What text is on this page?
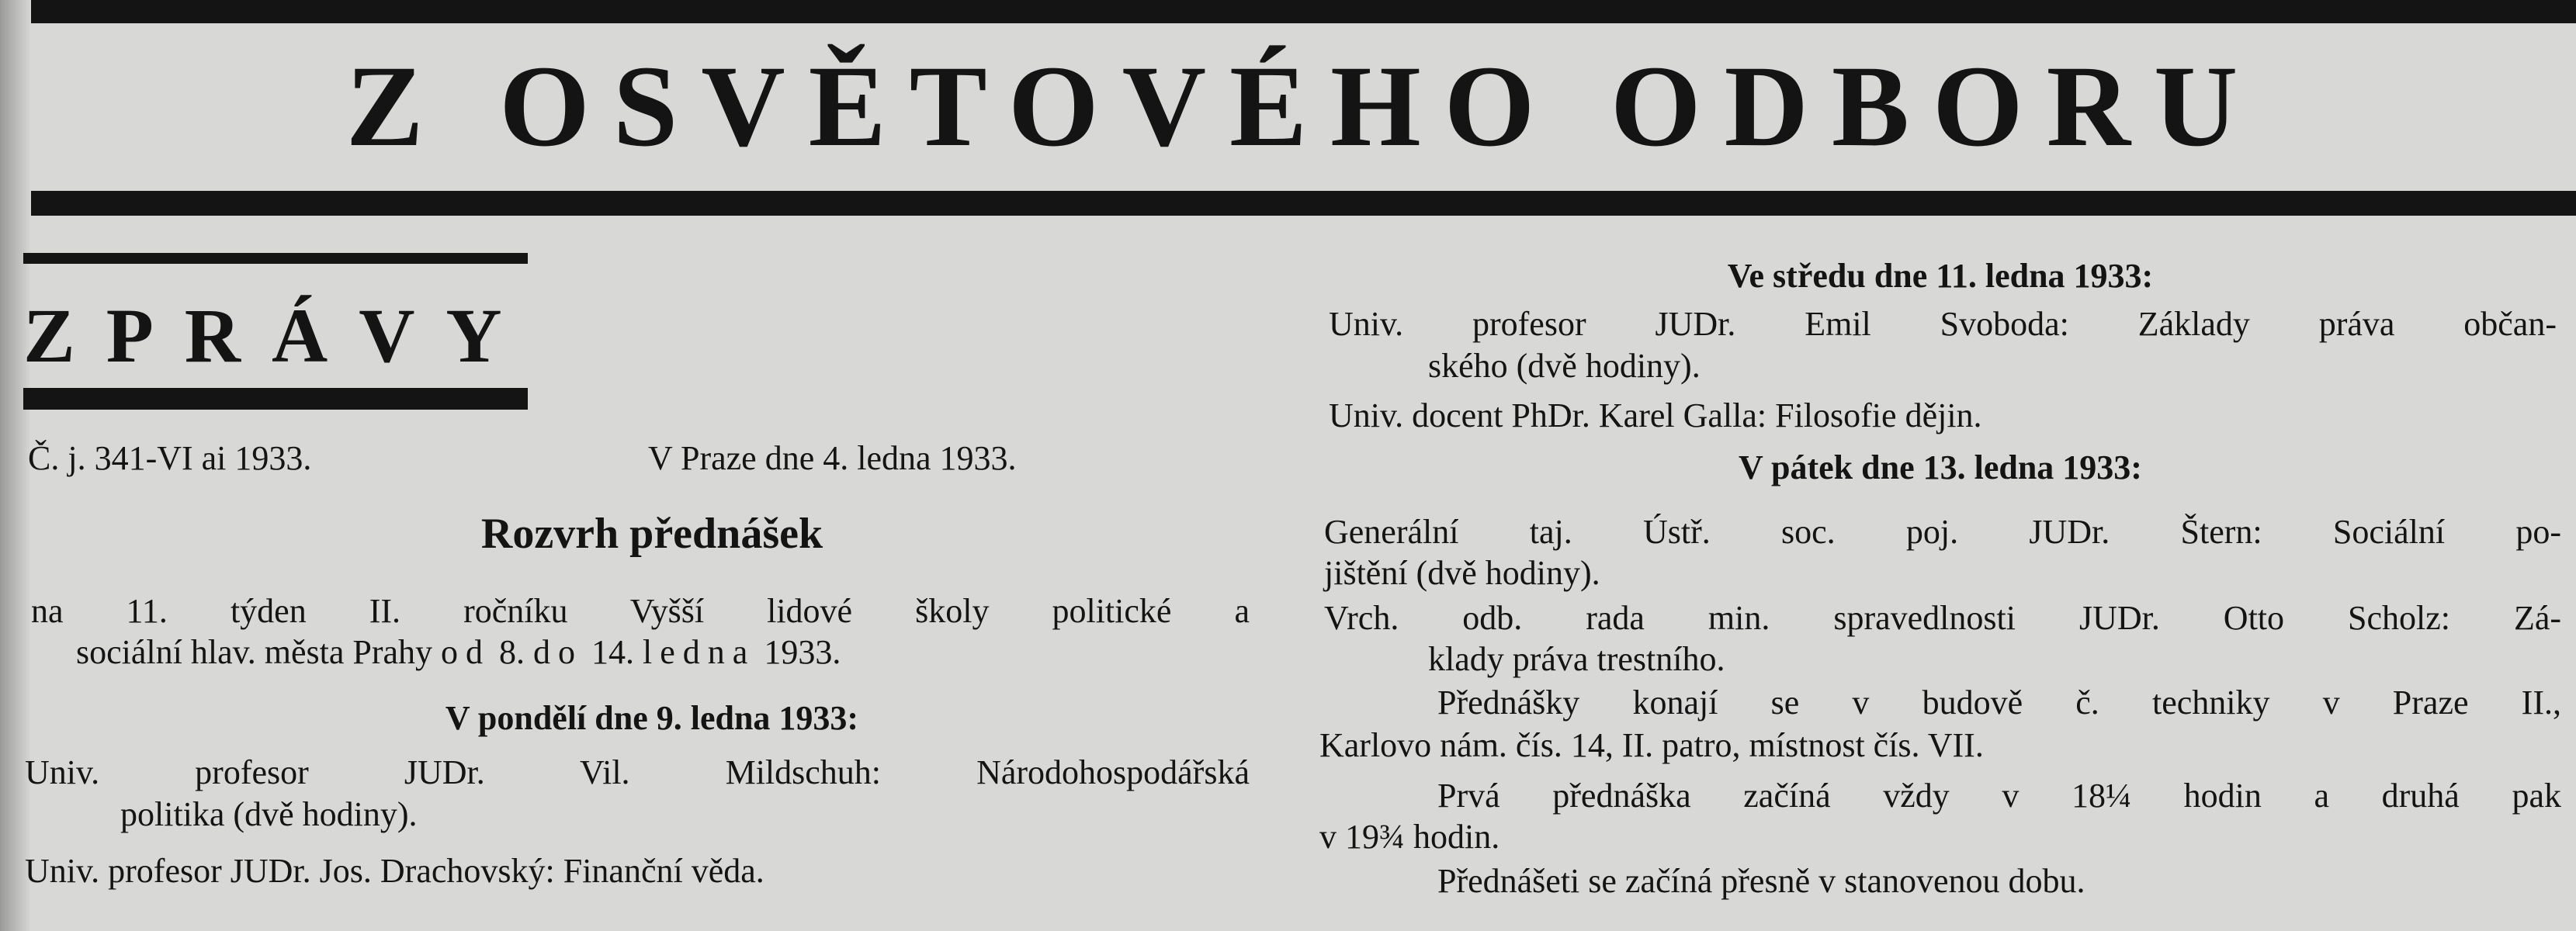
Z OSVĚTOVÉHO ODBORU
ZPRÁVY
Č. j. 341-VI ai 1933.	V Praze dne 4. ledna 1933.
Rozvrh přednášek
na 11. týden II. ročníku Vyšší lidové školy politické a
sociální hlav. města Prahy od 8. do 14. ledna 1933.
V pondělí dne 9. ledna 1933:
Univ. profesor JUDr. Vil. Mildschuh: Národohospodářská
politika (dvě hodiny).
Univ. profesor JUDr. Jos. Drachovský: Finanční věda.
Ve středu dne 11. ledna 1933:
Univ. profesor JUDr. Emil Svoboda: Základy práva občan-
ského (dvě hodiny).
Univ. docent PhDr. Karel Galla: Filosofie dějin.
V pátek dne 13. ledna 1933:
Generální taj. Ústř. soc. poj. JUDr. Štern: Sociální po-
jištění (dvě hodiny).
Vrch. odb. rada min. spravedlnosti JUDr. Otto Scholz: Zá-
klady práva trestního.
Přednášky konají se v budově č. techniky v Praze II.,
Karlovo nám. čís. 14, II. patro, místnost čís. VII.
Prvá přednáška začíná vždy v 18¼ hodin a druhá pak
v 19¾ hodin.
Přednášeti se začíná přesně v stanovenou dobu.
